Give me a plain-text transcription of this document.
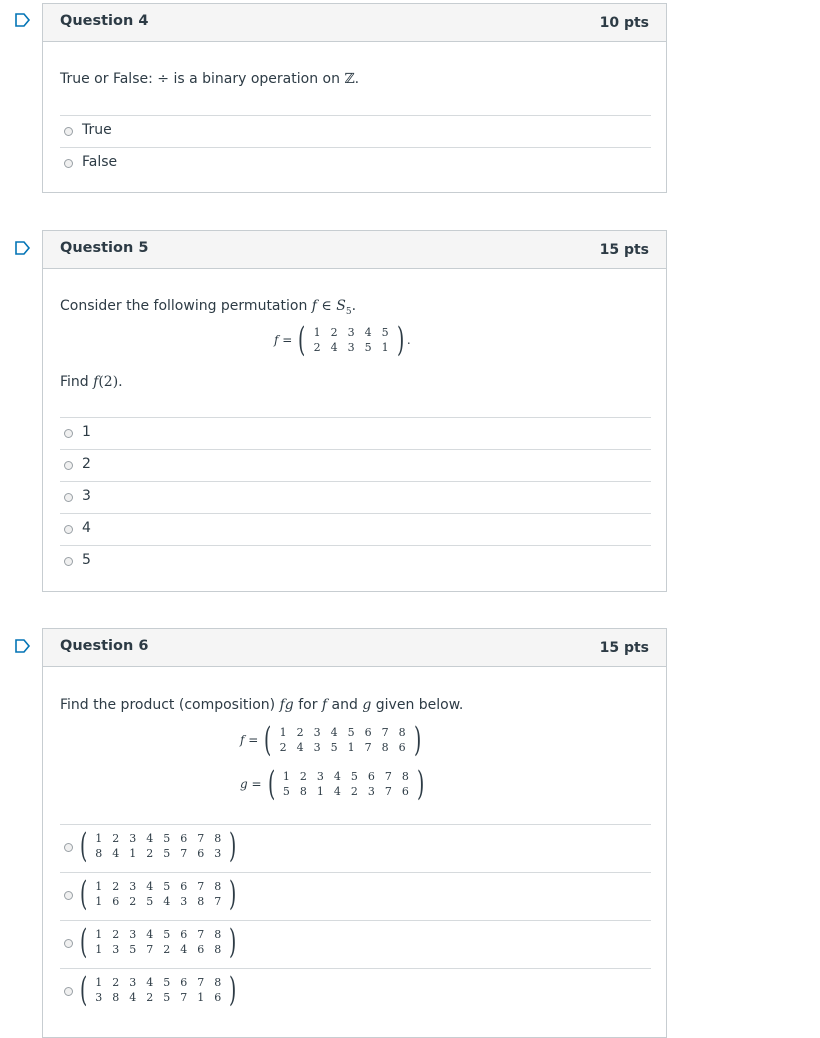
Question 4	10 pts
True or False: ÷ is a binary operation on ℤ.
True
False
Question 5	15 pts
Consider the following permutation f ∈ $S_5$.
f = ( 1	2	3	4	5
2	4	3	5	1 ) .
Find f(2).
1
2
3
4
5
Question 6	15 pts
Find the product (composition) fg for f and g given below.
f = ( 1	2	3	4	5	6	7	8
2	4	3	5	1	7	8	6 )
g = ( 1	2	3	4	5	6	7	8
5	8	1	4	2	3	7	6 )
( 1	2	3	4	5	6	7	8
8	4	1	2	5	7	6	3 )
( 1	2	3	4	5	6	7	8
1	6	2	5	4	3	8	7 )
( 1	2	3	4	5	6	7	8
1	3	5	7	2	4	6	8 )
( 1	2	3	4	5	6	7	8
3	8	4	2	5	7	1	6 )
